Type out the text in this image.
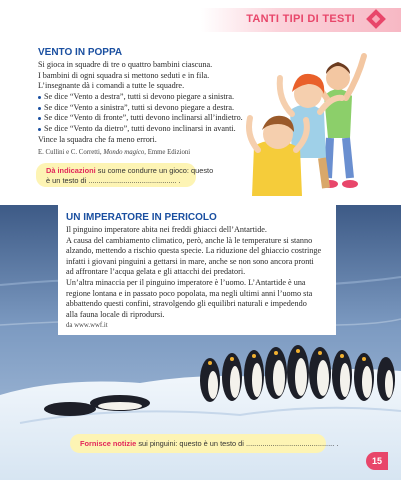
TANTI TIPI DI TESTI
VENTO IN POPPA
Si gioca in squadre di tre o quattro bambini ciascuna.
I bambini di ogni squadra si mettono seduti e in fila.
L’insegnante dà i comandi a tutte le squadre.
Se dice “Vento a destra”, tutti si devono piegare a sinistra.
Se dice “Vento a sinistra”, tutti si devono piegare a destra.
Se dice “Vento di fronte”, tutti devono inclinarsi all’indietro.
Se dice “Vento da dietro”, tutti devono inclinarsi in avanti.
Vince la squadra che fa meno errori.
E. Cullini e C. Corretti, Mondo magico, Emme Edizioni
Dà indicazioni su come condurre un gioco: questo
è un testo di ........................................... .
UN IMPERATORE IN PERICOLO
Il pinguino imperatore abita nei freddi ghiacci dell’Antartide.
A causa del cambiamento climatico, però, anche là le temperature si stanno
alzando, mettendo a rischio questa specie. La riduzione del ghiaccio costringe
infatti i giovani pinguini a gettarsi in mare, anche se non sono ancora pronti
ad affrontare l’acqua gelata e gli attacchi dei predatori.
Un’altra minaccia per il pinguino imperatore è l’uomo. L’Antartide è una
regione lontana e in passato poco popolata, ma negli ultimi anni l’uomo sta
abbattendo questi confini, stravolgendo gli equilibri naturali e impedendo
alla fauna locale di riprodursi.
da www.wwf.it
Fornisce notizie sui pinguini: questo è un testo di ........................................... .
15
